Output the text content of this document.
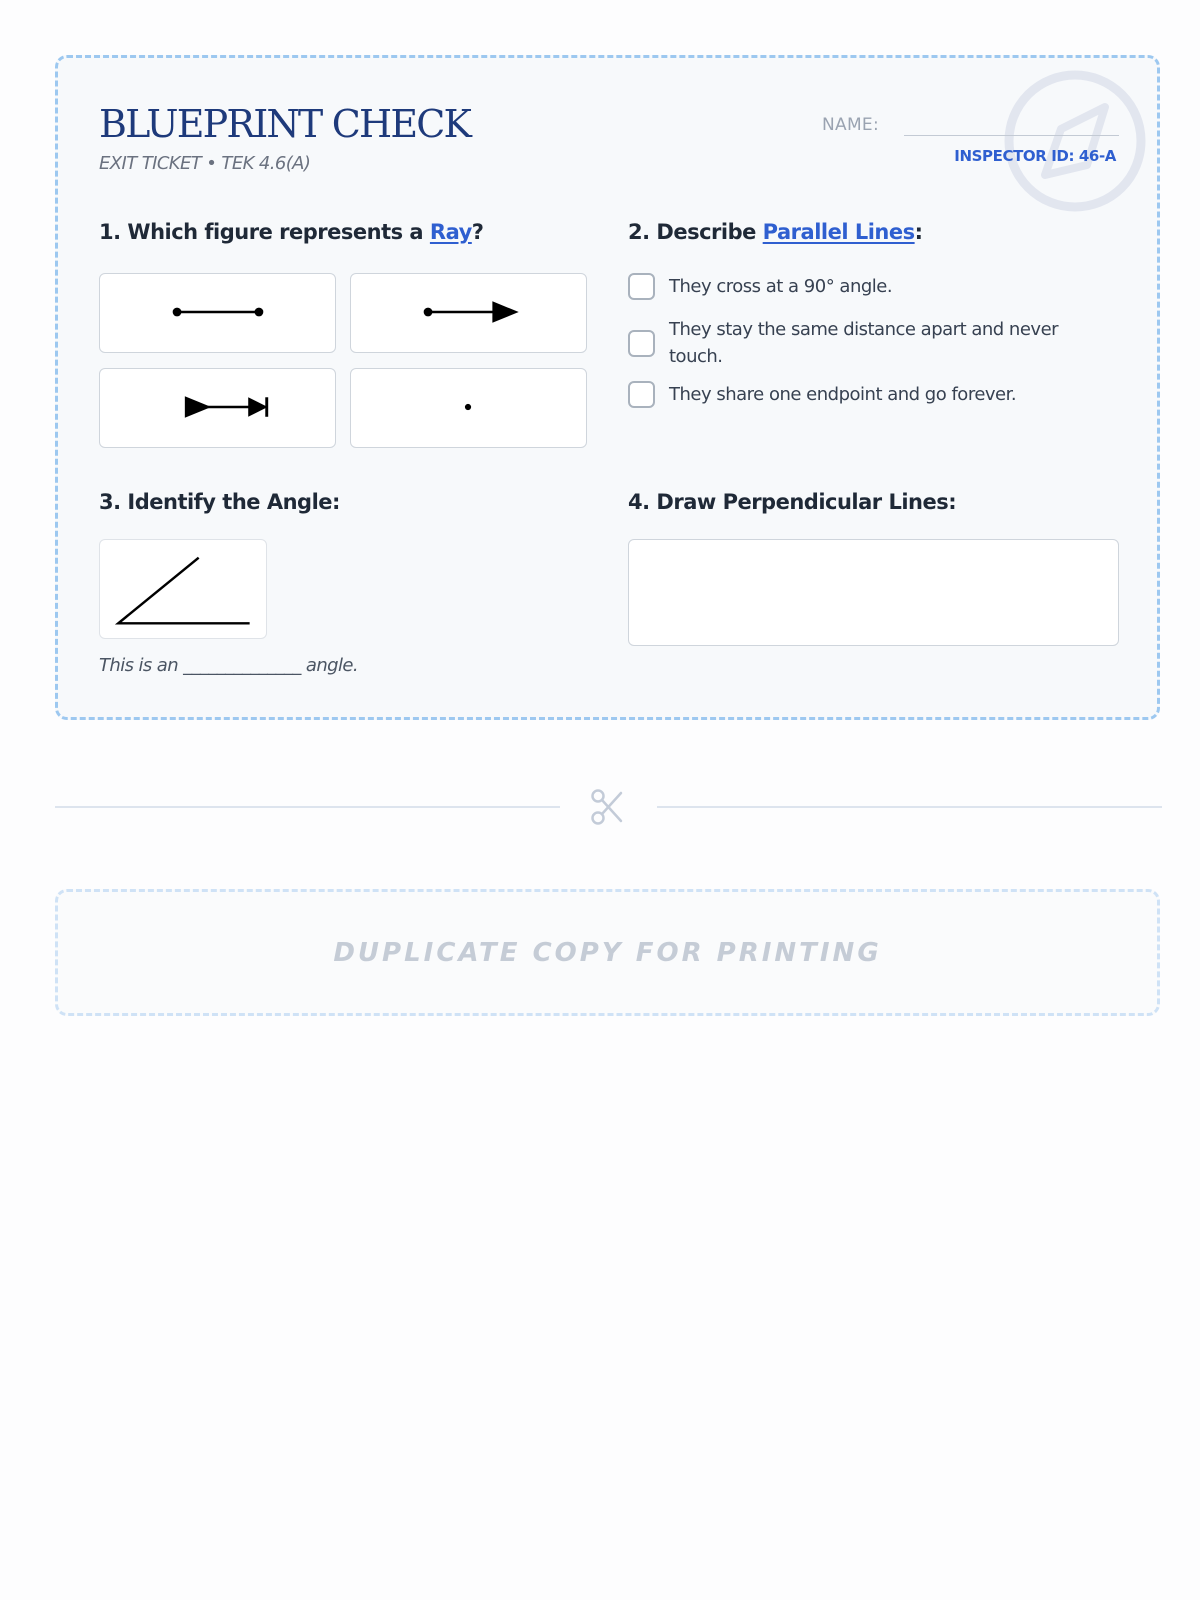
BLUEPRINT CHECK
EXIT TICKET • TEK 4.6(A)
NAME:
INSPECTOR ID: 46-A
1. Which figure represents a Ray?	2. Describe Parallel Lines:
They cross at a 90° angle.
They stay the same distance apart and never touch.
They share one endpoint and go forever.
3. Identify the Angle:
This is an ______________ angle.
4. Draw Perpendicular Lines:
DUPLICATE COPY FOR PRINTING
